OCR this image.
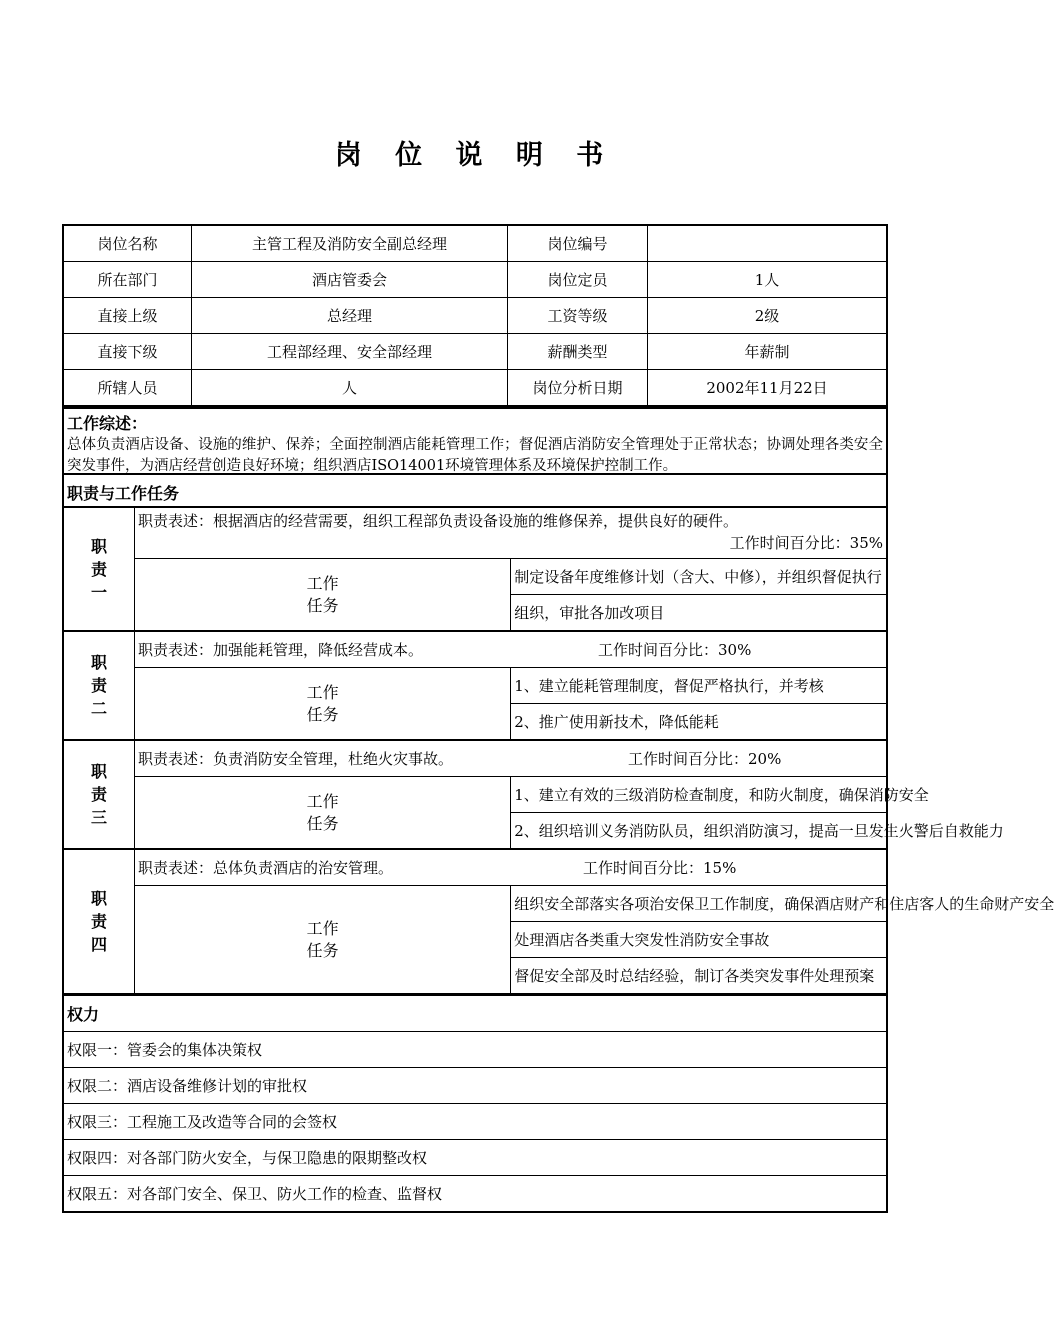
岗 位 说 明 书
岗位名称	主管工程及消防安全副总经理	岗位编号	
所在部门	酒店管委会	岗位定员	1人
直接上级	总经理	工资等级	2级
直接下级	工程部经理、安全部经理	薪酬类型	年薪制
所辖人员	人	岗位分析日期	2002年11月22日
工作综述：
总体负责酒店设备、设施的维护、保养；全面控制酒店能耗管理工作；督促酒店消防安全管理处于正常状态；协调处理各类安全突发事件，为酒店经营创造良好环境；组织酒店ISO14001环境管理体系及环境保护控制工作。
职责与工作任务
职责一	职责表述：根据酒店的经营需要，组织工程部负责设备设施的维修保养，提供良好的硬件。
工作时间百分比：35%	

	工作任务	制定设备年度维修计划（含大、中修），并组织督促执行
		组织，审批各加改项目
职责二	职责表述：加强能耗管理，降低经营成本。 工作时间百分比：30%	
	工作任务	1、建立能耗管理制度，督促严格执行，并考核
		2、推广使用新技术，降低能耗
职责三	职责表述：负责消防安全管理，杜绝火灾事故。 工作时间百分比：20%	
	工作任务	1、建立有效的三级消防检查制度，和防火制度，确保消防安全
		2、组织培训义务消防队员，组织消防演习，提高一旦发生火警后自救能力
职责四	职责表述：总体负责酒店的治安管理。 工作时间百分比：15%	
	工作任务	组织安全部落实各项治安保卫工作制度，确保酒店财产和住店客人的生命财产安全
		处理酒店各类重大突发性消防安全事故
		督促安全部及时总结经验，制订各类突发事件处理预案
权力
权限一：管委会的集体决策权
权限二：酒店设备维修计划的审批权
权限三：工程施工及改造等合同的会签权
权限四：对各部门防火安全，与保卫隐患的限期整改权
权限五：对各部门安全、保卫、防火工作的检查、监督权
